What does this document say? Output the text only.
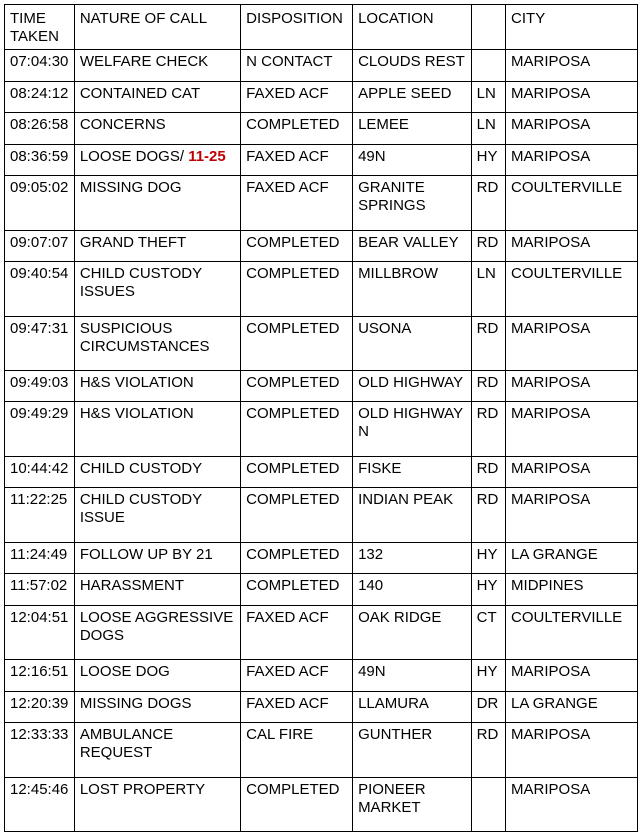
TIME TAKEN	NATURE OF CALL	DISPOSITION	LOCATION		CITY
07:04:30	WELFARE CHECK	N CONTACT	CLOUDS REST		MARIPOSA
08:24:12	CONTAINED CAT	FAXED ACF	APPLE SEED	LN	MARIPOSA
08:26:58	CONCERNS	COMPLETED	LEMEE	LN	MARIPOSA
08:36:59	LOOSE DOGS/ 11-25	FAXED ACF	49N	HY	MARIPOSA
09:05:02	MISSING DOG	FAXED ACF	GRANITE SPRINGS	RD	COULTERVILLE
09:07:07	GRAND THEFT	COMPLETED	BEAR VALLEY	RD	MARIPOSA
09:40:54	CHILD CUSTODY ISSUES	COMPLETED	MILLBROW	LN	COULTERVILLE
09:47:31	SUSPICIOUS CIRCUMSTANCES	COMPLETED	USONA	RD	MARIPOSA
09:49:03	H&S VIOLATION	COMPLETED	OLD HIGHWAY	RD	MARIPOSA
09:49:29	H&S VIOLATION	COMPLETED	OLD HIGHWAY N	RD	MARIPOSA
10:44:42	CHILD CUSTODY	COMPLETED	FISKE	RD	MARIPOSA
11:22:25	CHILD CUSTODY ISSUE	COMPLETED	INDIAN PEAK	RD	MARIPOSA
11:24:49	FOLLOW UP BY 21	COMPLETED	132	HY	LA GRANGE
11:57:02	HARASSMENT	COMPLETED	140	HY	MIDPINES
12:04:51	LOOSE AGGRESSIVE DOGS	FAXED ACF	OAK RIDGE	CT	COULTERVILLE
12:16:51	LOOSE DOG	FAXED ACF	49N	HY	MARIPOSA
12:20:39	MISSING DOGS	FAXED ACF	LLAMURA	DR	LA GRANGE
12:33:33	AMBULANCE REQUEST	CAL FIRE	GUNTHER	RD	MARIPOSA
12:45:46	LOST PROPERTY	COMPLETED	PIONEER MARKET		MARIPOSA
